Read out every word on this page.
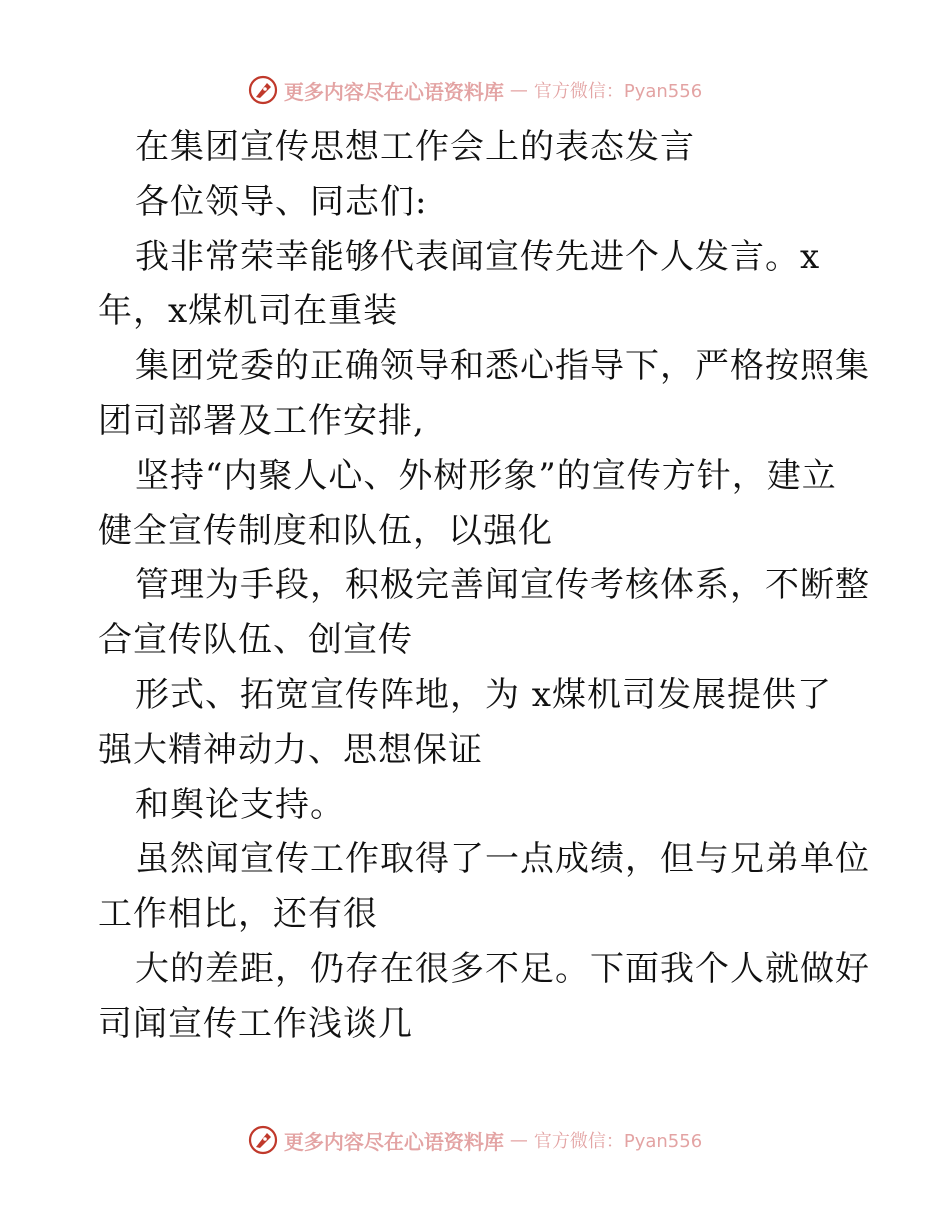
更多内容尽在心语资料库 — 官方微信：Pyan556
在集团宣传思想工作会上的表态发言
各位领导、同志们:
我非常荣幸能够代表闻宣传先进个人发言。x
年，x煤机司在重装
集团党委的正确领导和悉心指导下，严格按照集
团司部署及工作安排,
坚持“内聚人心、外树形象”的宣传方针，建立
健全宣传制度和队伍，以强化
管理为手段，积极完善闻宣传考核体系，不断整
合宣传队伍、创宣传
形式、拓宽宣传阵地，为 x煤机司发展提供了
强大精神动力、思想保证
和舆论支持。
虽然闻宣传工作取得了一点成绩，但与兄弟单位
工作相比，还有很
大的差距，仍存在很多不足。下面我个人就做好
司闻宣传工作浅谈几
更多内容尽在心语资料库 — 官方微信：Pyan556
